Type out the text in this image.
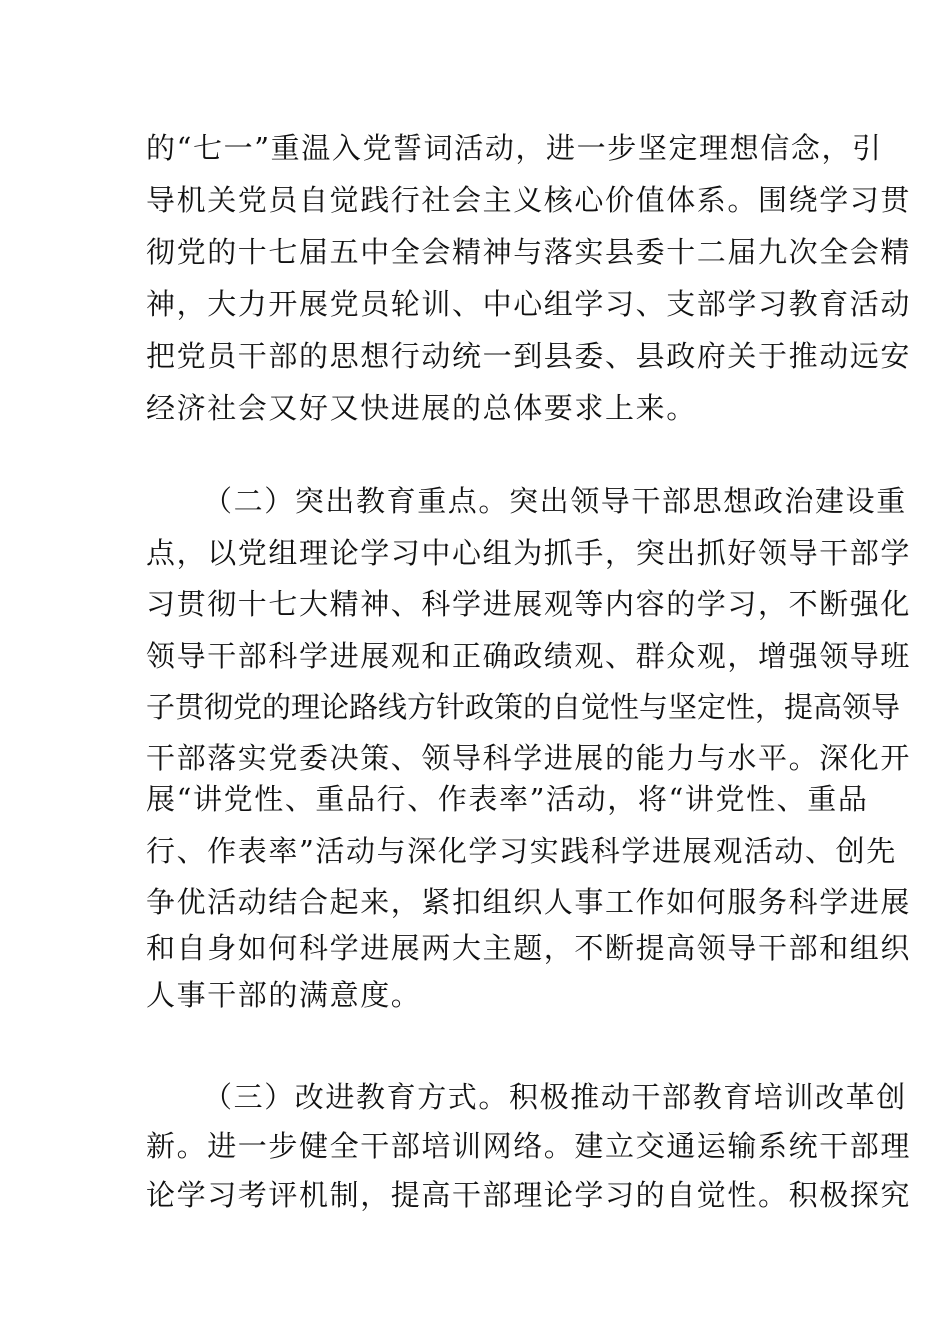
的“七一”重温入党誓词活动，进一步坚定理想信念，引
导机关党员自觉践行社会主义核心价值体系。围绕学习贯
彻党的十七届五中全会精神与落实县委十二届九次全会精
神，大力开展党员轮训、中心组学习、支部学习教育活动
把党员干部的思想行动统一到县委、县政府关于推动远安
经济社会又好又快进展的总体要求上来。
（二）突出教育重点。突出领导干部思想政治建设重
点，以党组理论学习中心组为抓手，突出抓好领导干部学
习贯彻十七大精神、科学进展观等内容的学习，不断强化
领导干部科学进展观和正确政绩观、群众观，增强领导班
子贯彻党的理论路线方针政策的自觉性与坚定性，提高领导
干部落实党委决策、领导科学进展的能力与水平。深化开
展“讲党性、重品行、作表率”活动，将“讲党性、重品
行、作表率”活动与深化学习实践科学进展观活动、创先
争优活动结合起来，紧扣组织人事工作如何服务科学进展
和自身如何科学进展两大主题，不断提高领导干部和组织
人事干部的满意度。
（三）改进教育方式。积极推动干部教育培训改革创
新。进一步健全干部培训网络。建立交通运输系统干部理
论学习考评机制，提高干部理论学习的自觉性。积极探究
